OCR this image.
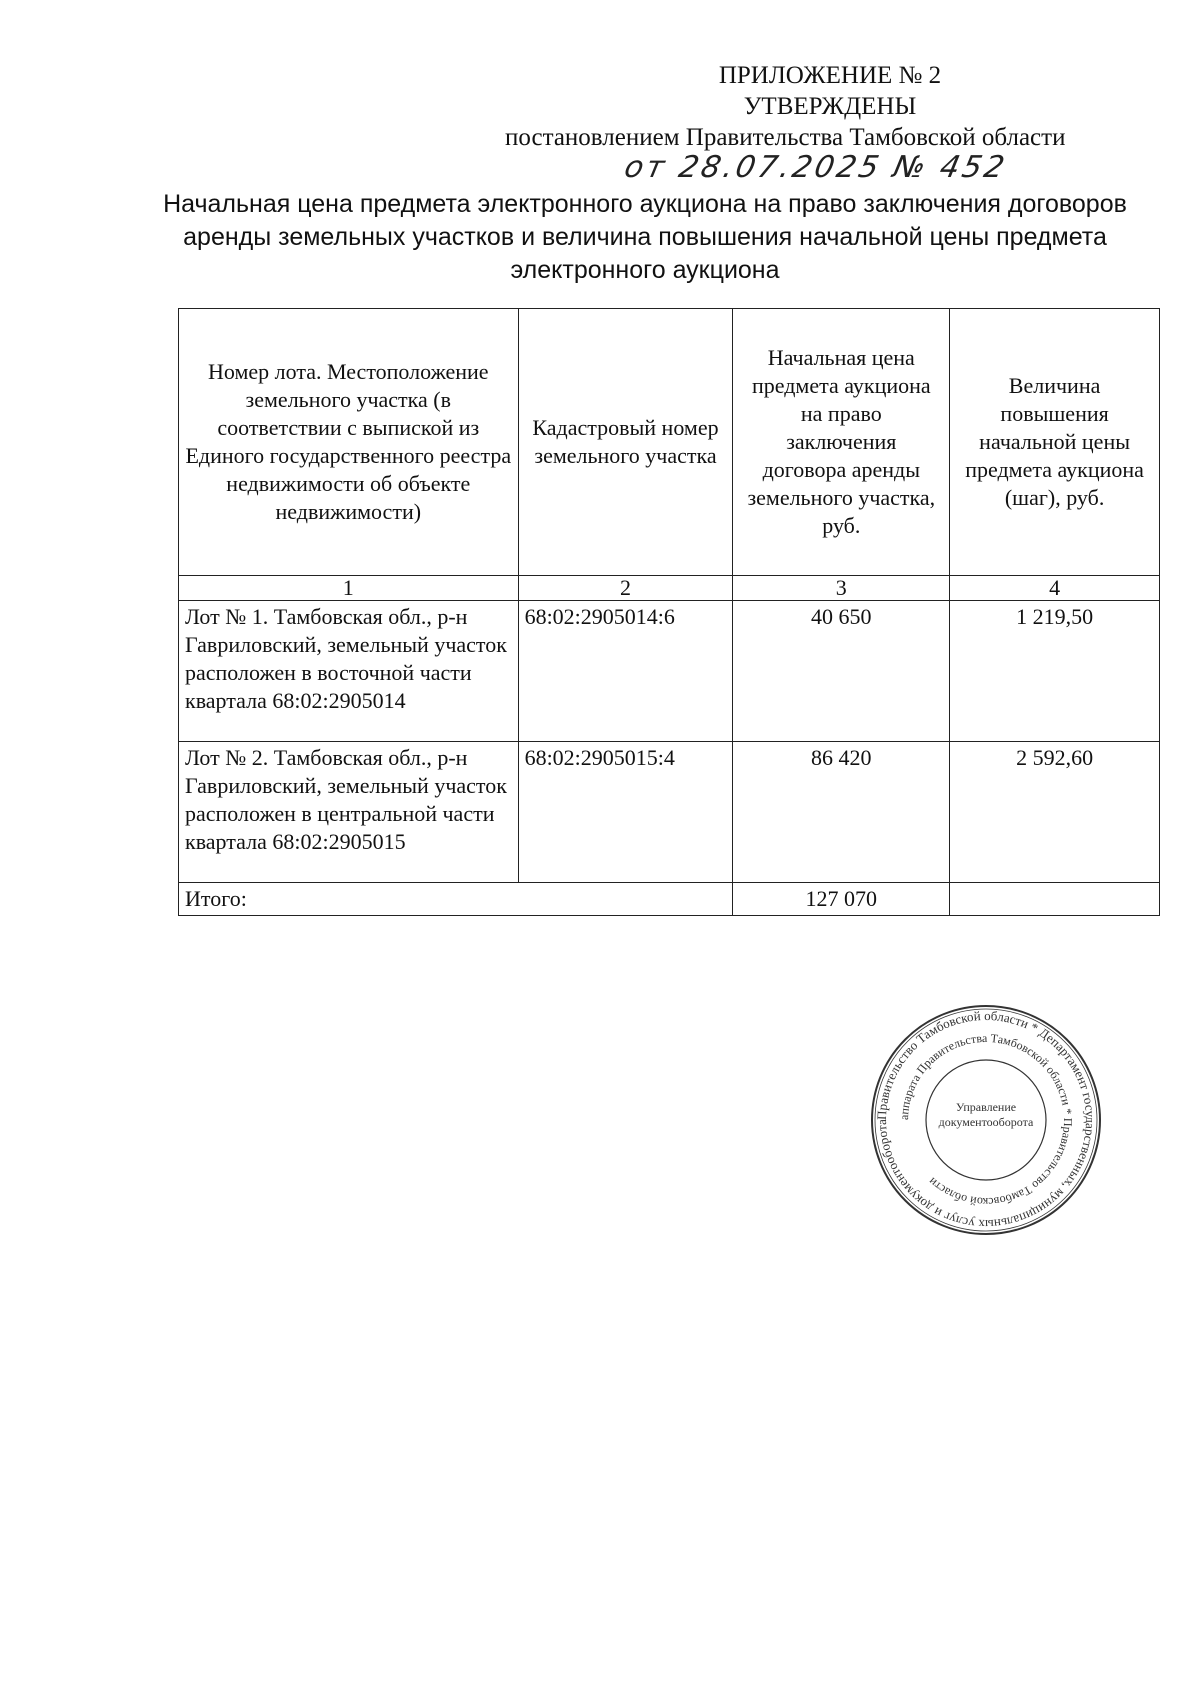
ПРИЛОЖЕНИЕ № 2
УТВЕРЖДЕНЫ
постановлением Правительства Тамбовской области
от 28.07.2025 № 452
Начальная цена предмета электронного аукциона на право заключения договоров аренды земельных участков и величина повышения начальной цены предмета электронного аукциона
Номер лота. Местоположение земельного участка (в соответствии с выпиской из Единого государственного реестра недвижимости об объекте недвижимости)	Кадастровый номер земельного участка	Начальная цена предмета аукциона на право заключения договора аренды земельного участка, руб.	Величина повышения начальной цены предмета аукциона (шаг), руб.
1	2	3	4
Лот № 1. Тамбовская обл., р-н Гавриловский, земельный участок расположен в восточной части квартала 68:02:2905014	68:02:2905014:6	40 650	1 219,50
Лот № 2. Тамбовская обл., р-н Гавриловский, земельный участок расположен в центральной части квартала 68:02:2905015	68:02:2905015:4	86 420	2 592,60
Итого:		127 070	
Правительство Тамбовской области * Департамент государственных, муниципальных услуг и документооборота
аппарата Правительства Тамбовской области * Правительство Тамбовской области
Управление документооборота
